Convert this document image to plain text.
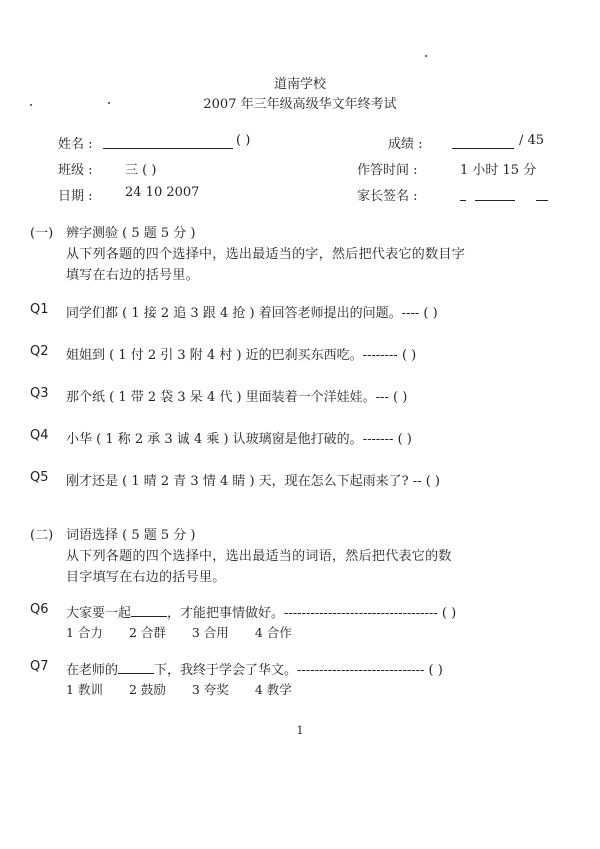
道南学校
2007 年三年级高级华文年终考试
姓名 :	( )	成绩 :	/ 45
班级 : 三 ( )	作答时间 :	1 小时 15 分
日期 : 24 10 2007	家长签名 :

(一) 辨字测验 ( 5 题 5 分 )
从下列各题的四个选择中，选出最适当的字，然后把代表它的数目字
填写在右边的括号里。
Q1 同学们都 ( 1 接 2 追 3 跟 4 抢 ) 着回答老师提出的问题。---- ( )
Q2 姐姐到 ( 1 付 2 引 3 附 4 村 ) 近的巴刹买东西吃。-------- ( )
Q3 那个纸 ( 1 带 2 袋 3 呆 4 代 ) 里面装着一个洋娃娃。--- ( )
Q4 小华 ( 1 称 2 承 3 诚 4 乘 ) 认玻璃窗是他打破的。------- ( )
Q5 刚才还是 ( 1 晴 2 青 3 情 4 睛 ) 天，现在怎么下起雨来了? -- ( )
(二) 词语选择 ( 5 题 5 分 )
从下列各题的四个选择中，选出最适当的词语，然后把代表它的数
目字填写在右边的括号里。
Q6 大家要一起	，才能把事情做好。----------------------------------- ( )
1 合力 2 合群 3 合用 4 合作
Q7 在老师的	下，我终于学会了华文。----------------------------- ( )
1 教训 2 鼓励 3 夸奖 4 教学
1
